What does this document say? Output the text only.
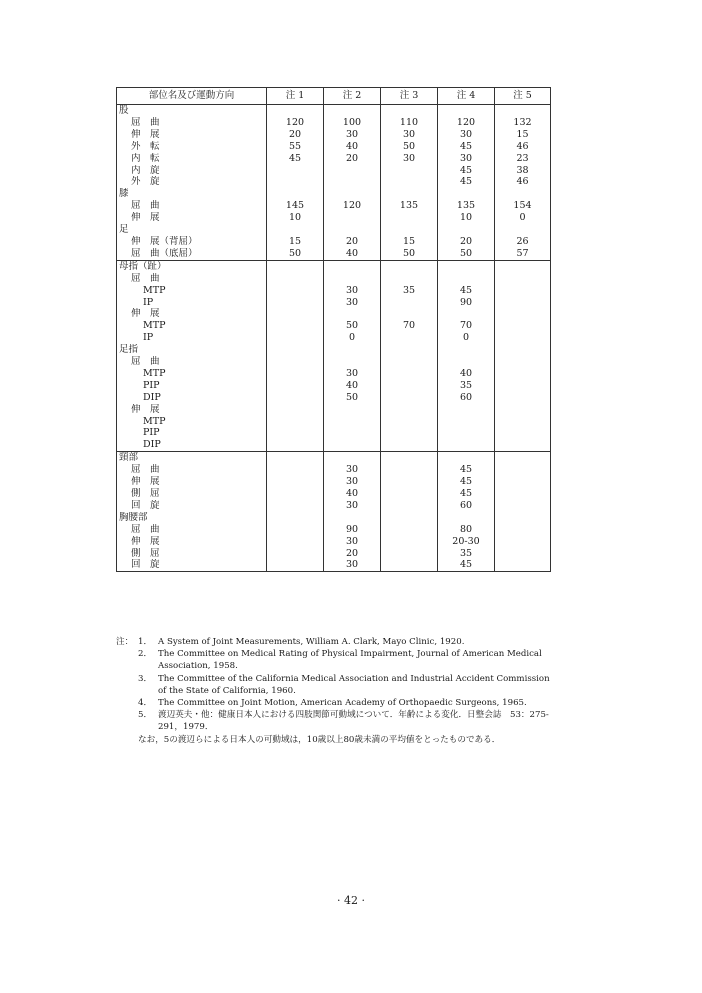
部位名及び運動方向	注 1	注 2	注 3	注 4	注 5
股					
屈　曲	120	100	110	120	132
伸　展	20	30	30	30	15
外　転	55	40	50	45	46
内　転	45	20	30	30	23
内　旋				45	38
外　旋				45	46
膝					
屈　曲	145	120	135	135	154
伸　展	10			10	0
足					
伸　展（背屈）	15	20	15	20	26
屈　曲（底屈）	50	40	50	50	57
母指（趾）					
屈　曲					
MTP		30	35	45	
IP		30		90	
伸　展					
MTP		50	70	70	
IP		0		0	
足指					
屈　曲					
MTP		30		40	
PIP		40		35	
DIP		50		60	
伸　展					
MTP					
PIP					
DIP					
頸部					
屈　曲		30		45	
伸　展		30		45	
側　屈		40		45	
回　旋		30		60	
胸腰部					
屈　曲		90		80	
伸　展		30		20-30	
側　屈		20		35	
回　旋		30		45	
注： 1． A System of Joint Measurements, William A. Clark, Mayo Clinic, 1920.
2． The Committee on Medical Rating of Physical Impairment, Journal of American Medical Association, 1958.
3． The Committee of the California Medical Association and Industrial Accident Commission of the State of California, 1960.
4． The Committee on Joint Motion, American Academy of Orthopaedic Surgeons, 1965.
5． 渡辺英夫・他：健康日本人における四肢関節可動域について．年齢による変化．日整会誌　53：275-291，1979．
なお，5の渡辺らによる日本人の可動域は，10歳以上80歳未満の平均値をとったものである．
· 42 ·
